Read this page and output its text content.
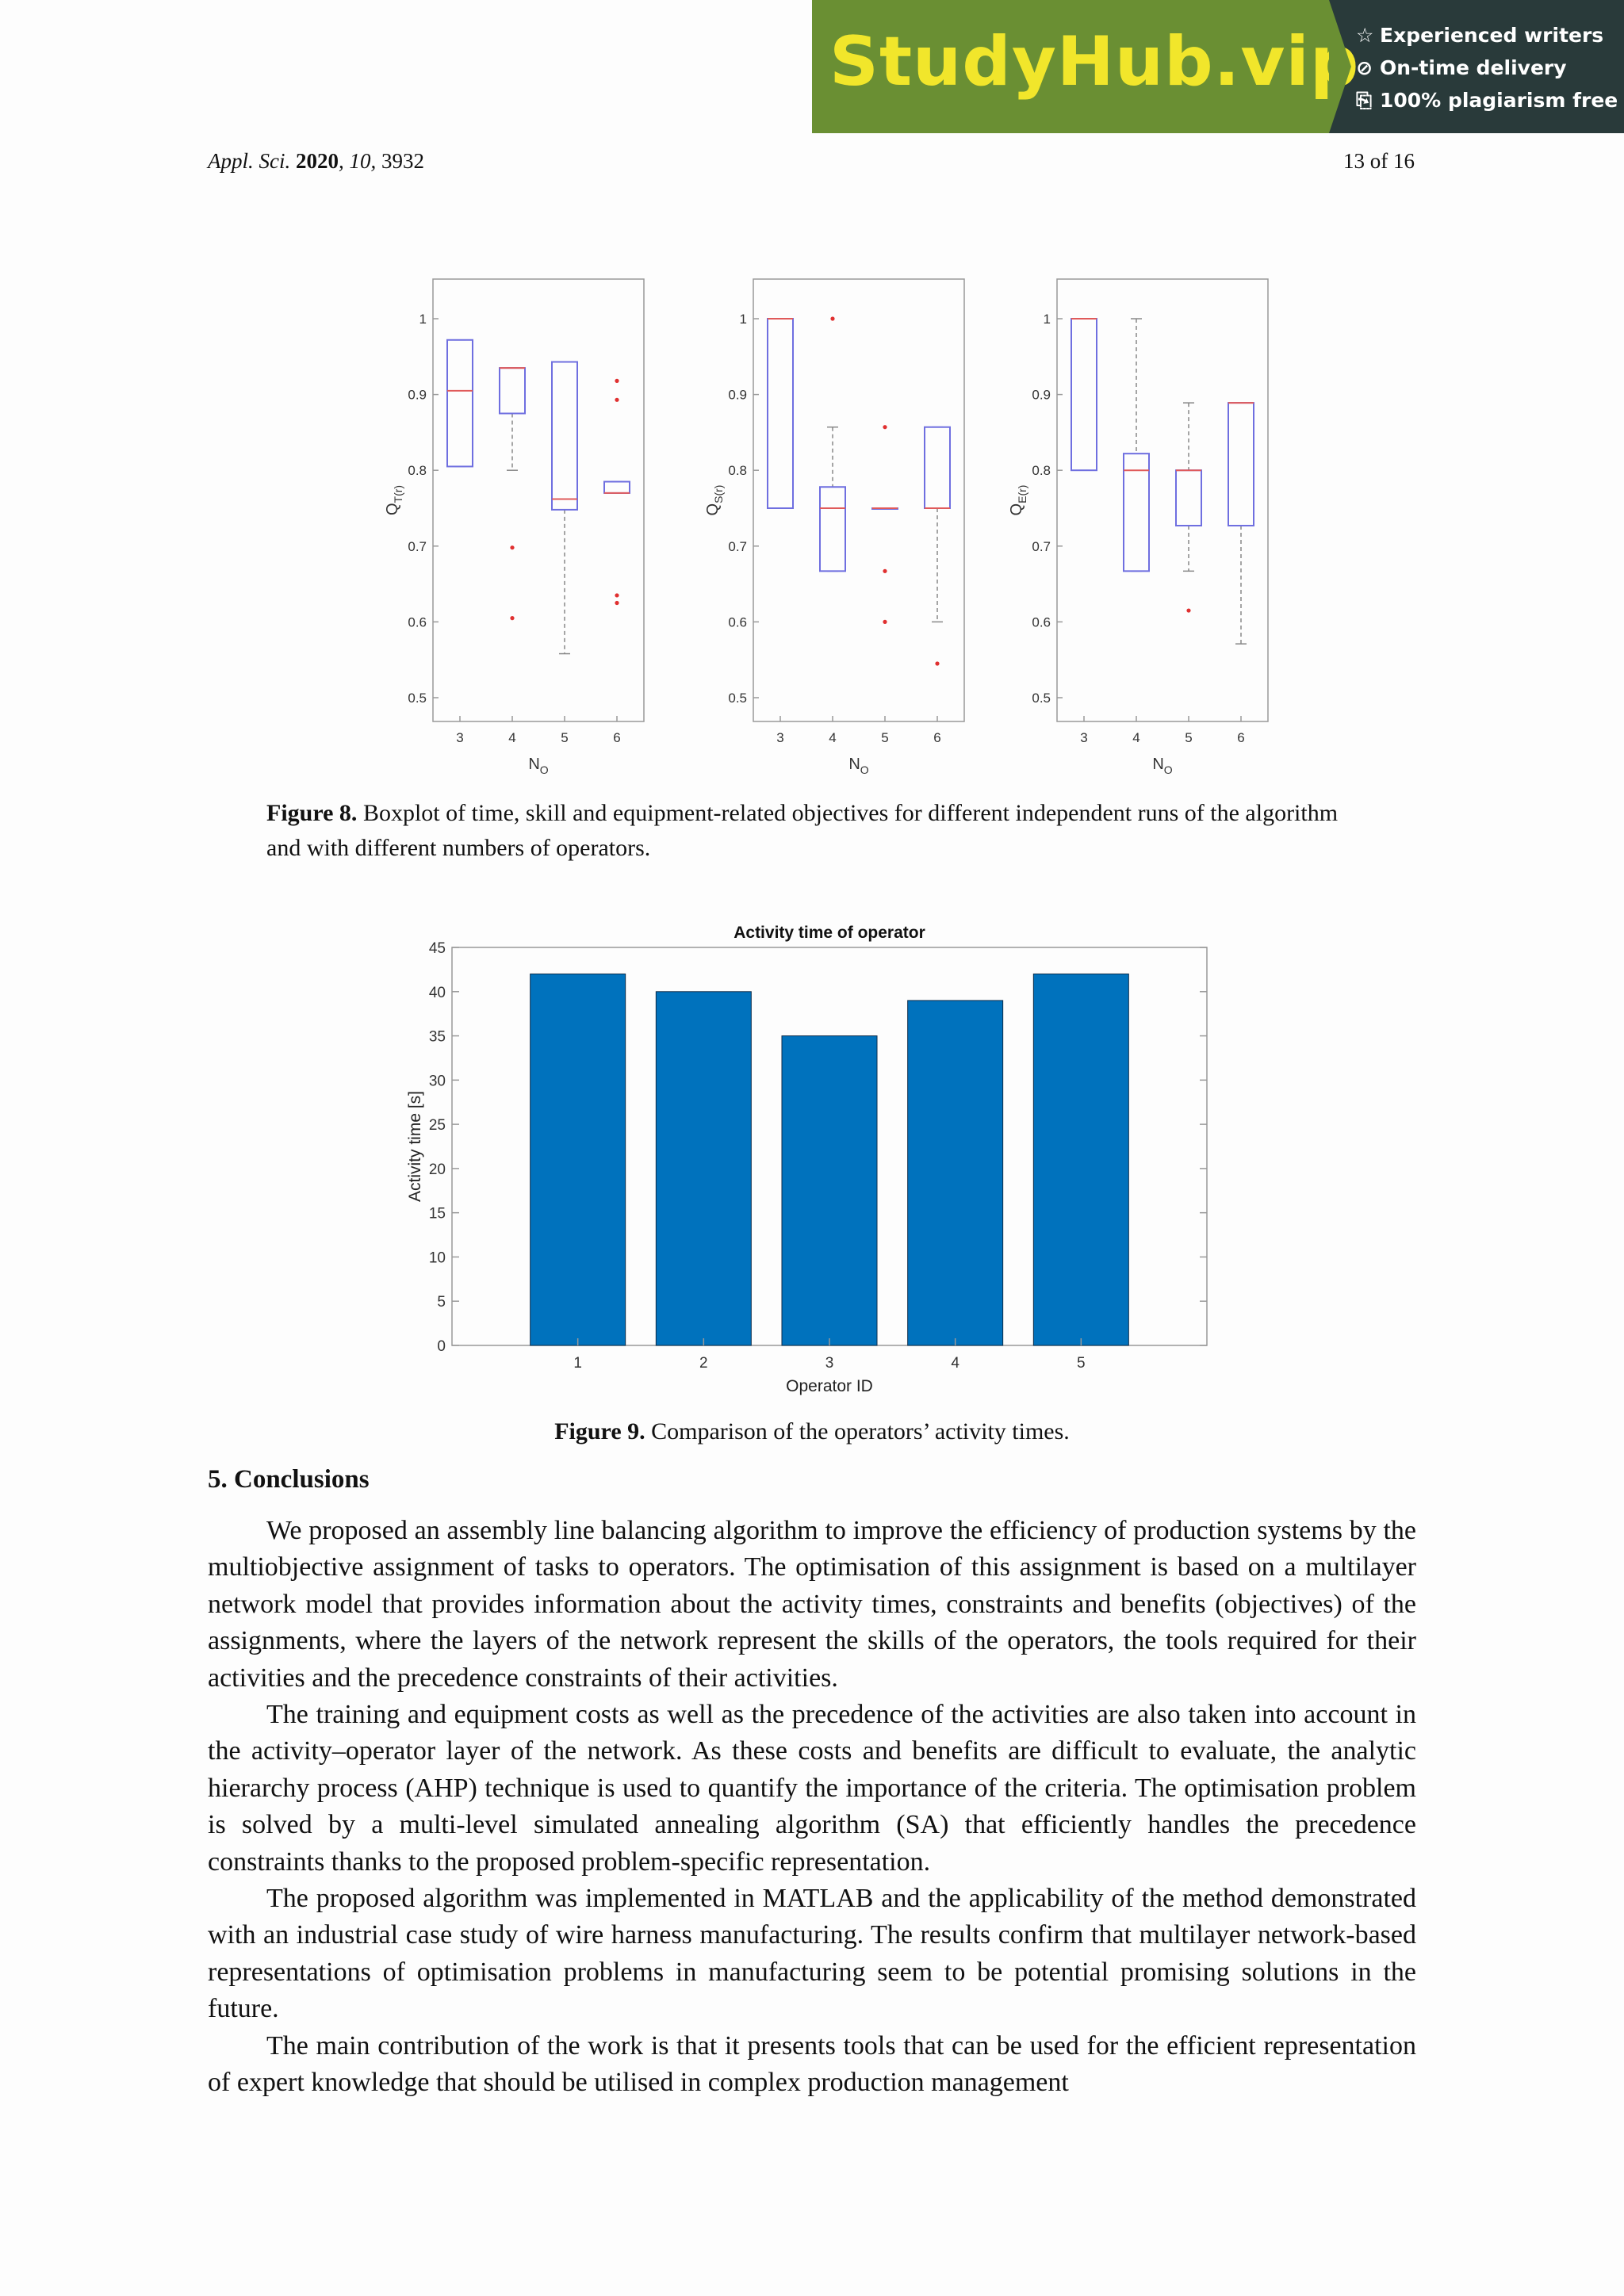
StudyHub.vip
☆ Experienced writers
⊘ On-time delivery
⎘ 100% plagiarism free
Appl. Sci. 2020, 10, 3932	13 of 16
0.5
0.6
0.7
0.8
0.9
1
3	4	5	6
$Q_{T(r)}$
$N_O$
0.5
0.6
0.7
0.8
0.9
1
3	4	5	6
$Q_{S(r)}$
$N_O$
0.5
0.6
0.7
0.8
0.9
1
3	4	5	6
$Q_{E(r)}$
$N_O$
Figure 8. Boxplot of time, skill and equipment-related objectives for different independent runs of the algorithm and with different numbers of operators.
Activity time of operator
0
5
10
15
20
25
30
35
40
45
1	2	3	4	5
Operator ID
Activity time [s]
Figure 9. Comparison of the operators’ activity times.
5. Conclusions

We proposed an assembly line balancing algorithm to improve the efficiency of production systems by the multiobjective assignment of tasks to operators. The optimisation of this assignment is based on a multilayer network model that provides information about the activity times, constraints and benefits (objectives) of the assignments, where the layers of the network represent the skills of the operators, the tools required for their activities and the precedence constraints of their activities.

The training and equipment costs as well as the precedence of the activities are also taken into account in the activity–operator layer of the network. As these costs and benefits are difficult to evaluate, the analytic hierarchy process (AHP) technique is used to quantify the importance of the criteria. The optimisation problem is solved by a multi-level simulated annealing algorithm (SA) that efficiently handles the precedence constraints thanks to the proposed problem-specific representation.

The proposed algorithm was implemented in MATLAB and the applicability of the method demonstrated with an industrial case study of wire harness manufacturing. The results confirm that multilayer network-based representations of optimisation problems in manufacturing seem to be potential promising solutions in the future.

The main contribution of the work is that it presents tools that can be used for the efficient representation of expert knowledge that should be utilised in complex production management
